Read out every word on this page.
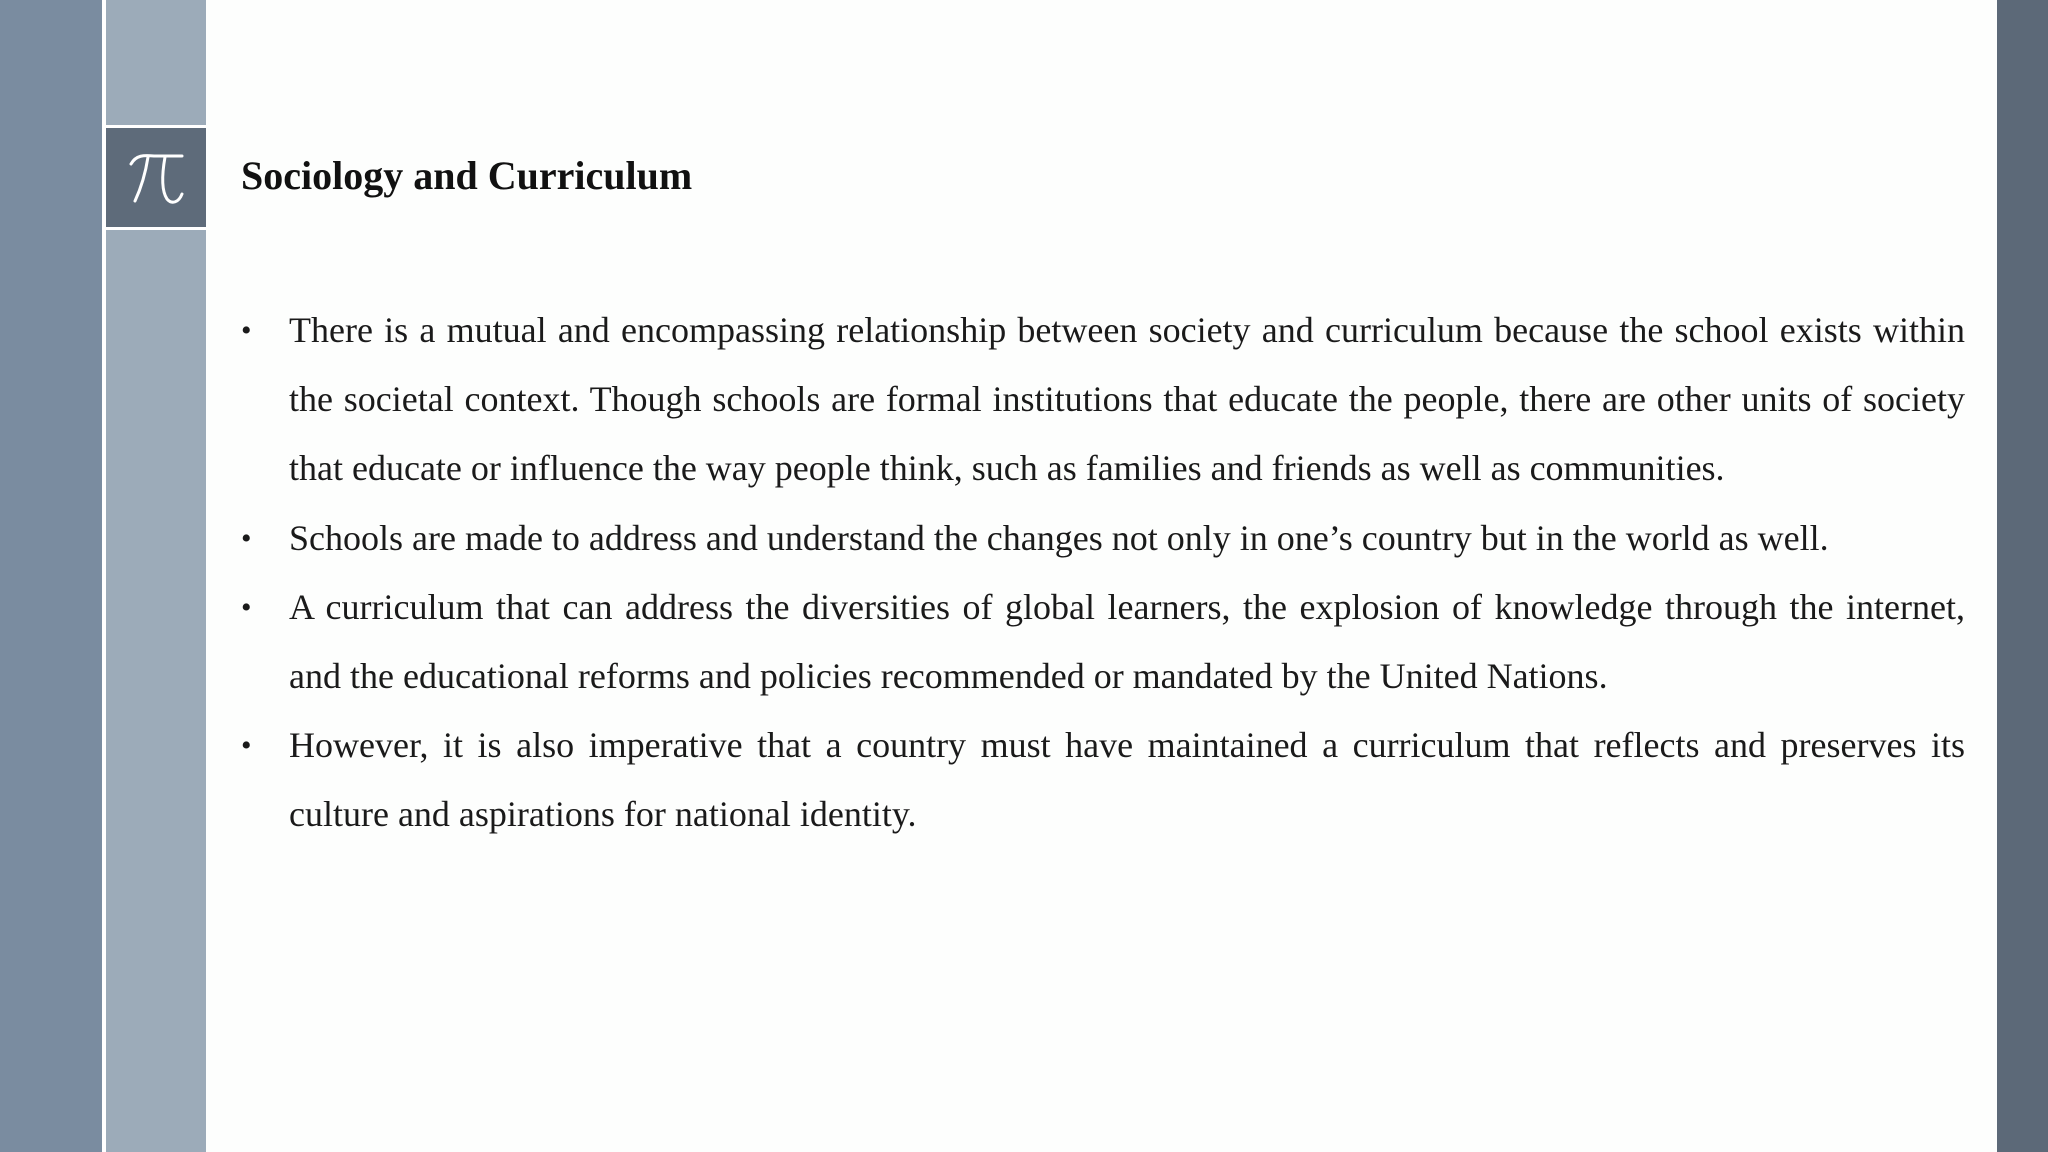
Sociology and Curriculum
• There is a mutual and encompassing relationship between society and curriculum because the school exists within the societal context. Though schools are formal institutions that educate the people, there are other units of society that educate or influence the way people think, such as families and friends as well as communities.
• Schools are made to address and understand the changes not only in one’s country but in the world as well.
• A curriculum that can address the diversities of global learners, the explosion of knowledge through the internet, and the educational reforms and policies recommended or mandated by the United Nations.
• However, it is also imperative that a country must have maintained a curriculum that reflects and preserves its culture and aspirations for national identity.
